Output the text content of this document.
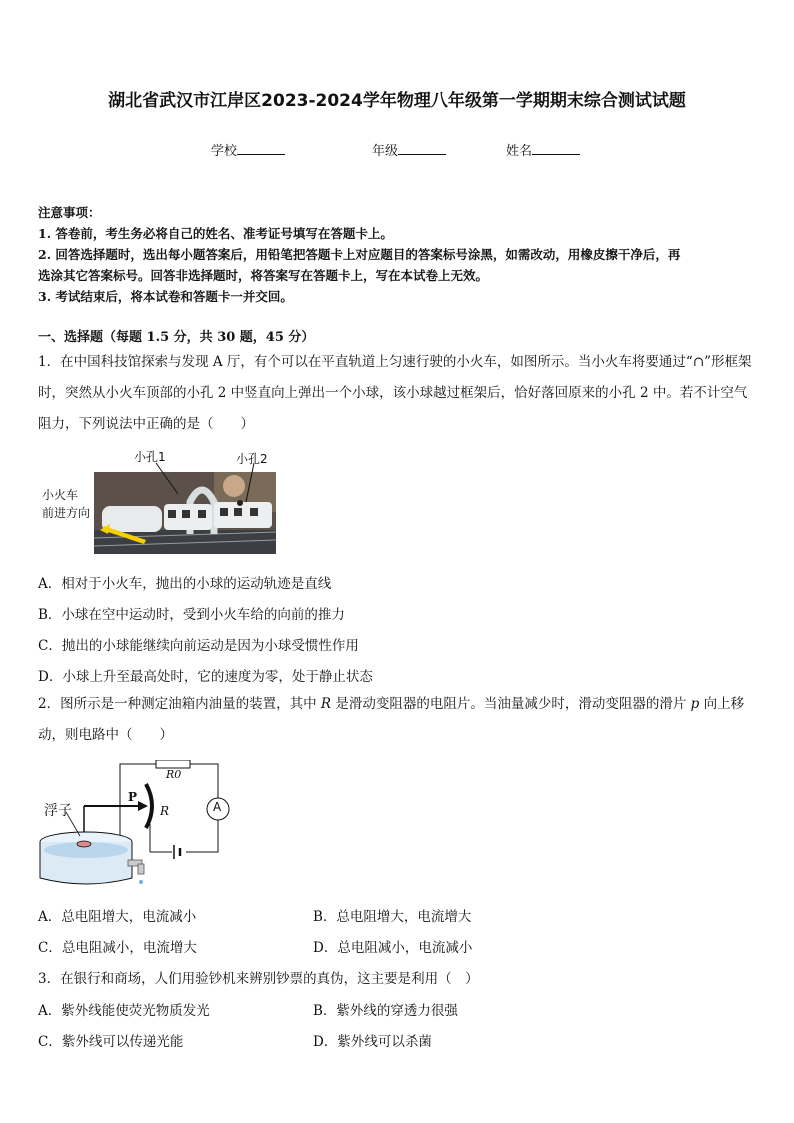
湖北省武汉市江岸区2023-2024学年物理八年级第一学期期末综合测试试题
学校	年级	姓名
注意事项：
1. 答卷前，考生务必将自己的姓名、准考证号填写在答题卡上。
2. 回答选择题时，选出每小题答案后，用铅笔把答题卡上对应题目的答案标号涂黑，如需改动，用橡皮擦干净后，再
选涂其它答案标号。回答非选择题时，将答案写在答题卡上，写在本试卷上无效。
3. 考试结束后，将本试卷和答题卡一并交回。
一、选择题（每题 1.5 分，共 30 题，45 分）
1．在中国科技馆探索与发现 A 厅，有个可以在平直轨道上匀速行驶的小火车，如图所示。当小火车将要通过“∩”形框架时，突然从小火车顶部的小孔 2 中竖直向上弹出一个小球，该小球越过框架后，恰好落回原来的小孔 2 中。若不计空气阻力，下列说法中正确的是（　　）
小孔1	小孔2
小火车
前进方向
A．相对于小火车，抛出的小球的运动轨迹是直线
B．小球在空中运动时，受到小火车给的向前的推力
C．抛出的小球能继续向前运动是因为小球受惯性作用
D．小球上升至最高处时，它的速度为零，处于静止状态
2．图所示是一种测定油箱内油量的装置，其中 R 是滑动变阻器的电阻片。当油量减少时，滑动变阻器的滑片 p 向上移动，则电路中（　　）
浮子
P
R
R0
A
A．总电阻增大，电流减小	B．总电阻增大，电流增大
C．总电阻减小，电流增大	D．总电阻减小，电流减小
3．在银行和商场，人们用验钞机来辨别钞票的真伪，这主要是利用（　）
A．紫外线能使荧光物质发光	B．紫外线的穿透力很强
C．紫外线可以传递光能	D．紫外线可以杀菌
